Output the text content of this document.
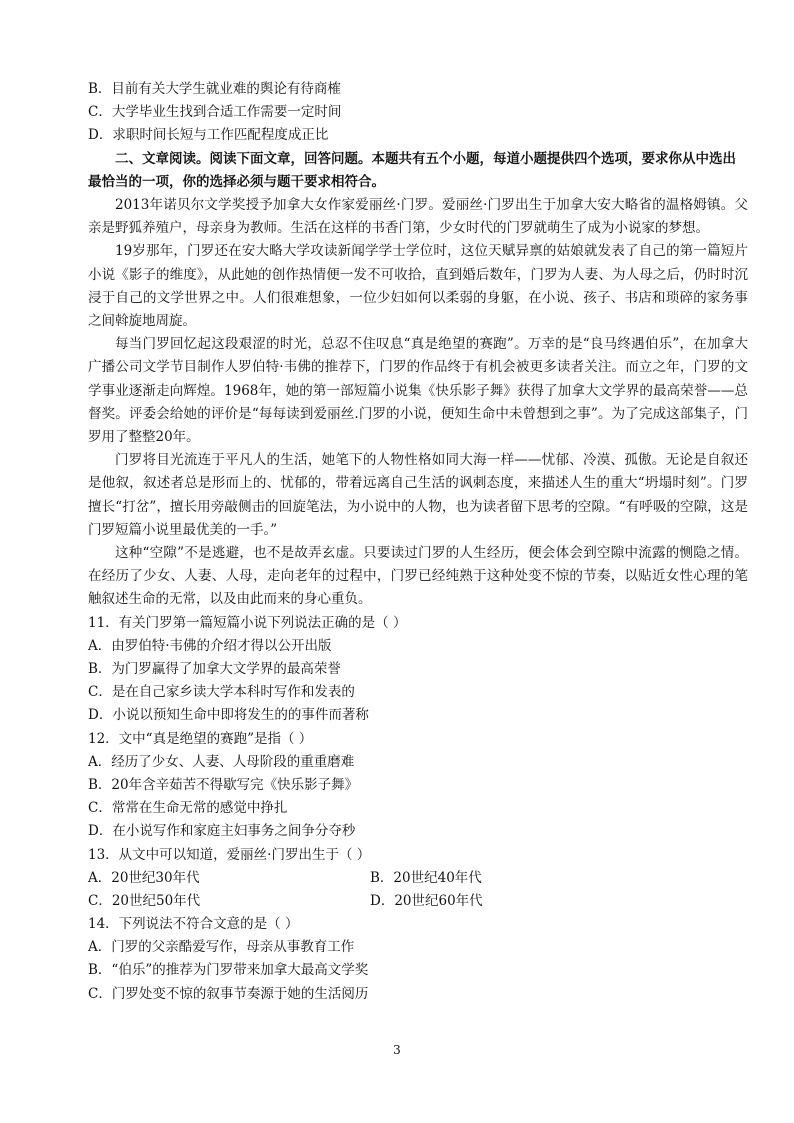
B．目前有关大学生就业难的舆论有待商榷
C．大学毕业生找到合适工作需要一定时间
D．求职时间长短与工作匹配程度成正比

二、文章阅读。阅读下面文章，回答问题。本题共有五个小题，每道小题提供四个选项，要求你从中选出最恰当的一项，你的选择必须与题干要求相符合。

2013年诺贝尔文学奖授予加拿大女作家爱丽丝·门罗。爱丽丝·门罗出生于加拿大安大略省的温格姆镇。父亲是野狐养殖户，母亲身为教师。生活在这样的书香门第，少女时代的门罗就萌生了成为小说家的梦想。

19岁那年，门罗还在安大略大学攻读新闻学学士学位时，这位天赋异禀的姑娘就发表了自己的第一篇短片小说《影子的维度》，从此她的创作热情便一发不可收拾，直到婚后数年，门罗为人妻、为人母之后，仍时时沉浸于自己的文学世界之中。人们很难想象，一位少妇如何以柔弱的身躯，在小说、孩子、书店和琐碎的家务事之间斡旋地周旋。

每当门罗回忆起这段艰涩的时光，总忍不住叹息“真是绝望的赛跑”。万幸的是“良马终遇伯乐”，在加拿大广播公司文学节目制作人罗伯特·韦佛的推荐下，门罗的作品终于有机会被更多读者关注。而立之年，门罗的文学事业逐渐走向辉煌。1968年，她的第一部短篇小说集《快乐影子舞》获得了加拿大文学界的最高荣誉——总督奖。评委会给她的评价是“每每读到爱丽丝.门罗的小说，便知生命中未曾想到之事”。为了完成这部集子，门罗用了整整20年。

门罗将目光流连于平凡人的生活，她笔下的人物性格如同大海一样——忧郁、冷漠、孤傲。无论是自叙还是他叙，叙述者总是形而上的、忧郁的，带着远离自己生活的讽刺态度，来描述人生的重大“坍塌时刻”。门罗擅长“打岔”，擅长用旁敲侧击的回旋笔法，为小说中的人物，也为读者留下思考的空隙。“有呼吸的空隙，这是门罗短篇小说里最优美的一手。”

这种“空隙”不是逃避，也不是故弄玄虚。只要读过门罗的人生经历，便会体会到空隙中流露的恻隐之情。在经历了少女、人妻、人母，走向老年的过程中，门罗已经纯熟于这种处变不惊的节奏，以贴近女性心理的笔触叙述生命的无常，以及由此而来的身心重负。

11．有关门罗第一篇短篇小说下列说法正确的是（ ）
A．由罗伯特·韦佛的介绍才得以公开出版
B．为门罗赢得了加拿大文学界的最高荣誉
C．是在自己家乡读大学本科时写作和发表的
D．小说以预知生命中即将发生的的事件而著称
12．文中“真是绝望的赛跑”是指（ ）
A．经历了少女、人妻、人母阶段的重重磨难
B．20年含辛茹苦不得歇写完《快乐影子舞》
C．常常在生命无常的感觉中挣扎
D．在小说写作和家庭主妇事务之间争分夺秒
13．从文中可以知道，爱丽丝·门罗出生于（ ）
A．20世纪30年代	B．20世纪40年代
C．20世纪50年代	D．20世纪60年代
14．下列说法不符合文意的是（ ）
A．门罗的父亲酷爱写作，母亲从事教育工作
B．“伯乐”的推荐为门罗带来加拿大最高文学奖
C．门罗处变不惊的叙事节奏源于她的生活阅历
3
